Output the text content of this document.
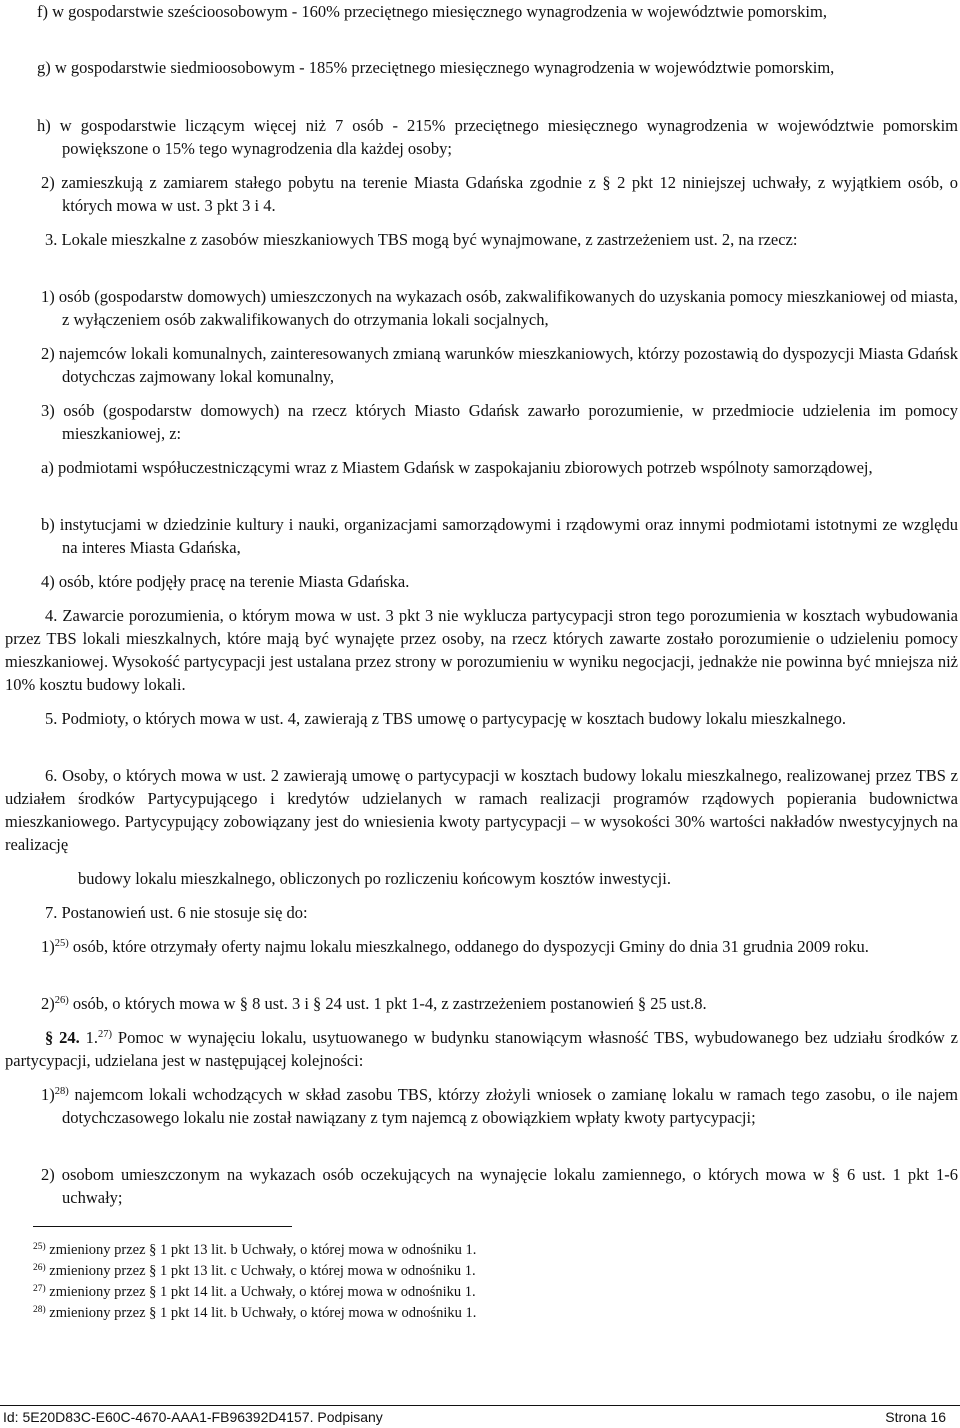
f) w gospodarstwie sześcioosobowym - 160% przeciętnego miesięcznego wynagrodzenia w województwie pomorskim,

g) w gospodarstwie siedmioosobowym - 185% przeciętnego miesięcznego wynagrodzenia w województwie pomorskim,

h) w gospodarstwie liczącym więcej niż 7 osób - 215% przeciętnego miesięcznego wynagrodzenia w województwie pomorskim powiększone o 15% tego wynagrodzenia dla każdej osoby;

2) zamieszkują z zamiarem stałego pobytu na terenie Miasta Gdańska zgodnie z § 2 pkt 12 niniejszej uchwały, z wyjątkiem osób, o których mowa w ust. 3 pkt 3 i 4.

3. Lokale mieszkalne z zasobów mieszkaniowych TBS mogą być wynajmowane, z zastrzeżeniem ust. 2, na rzecz:

1) osób (gospodarstw domowych) umieszczonych na wykazach osób, zakwalifikowanych do uzyskania pomocy mieszkaniowej od miasta, z wyłączeniem osób zakwalifikowanych do otrzymania lokali socjalnych,

2) najemców lokali komunalnych, zainteresowanych zmianą warunków mieszkaniowych, którzy pozostawią do dyspozycji Miasta Gdańsk dotychczas zajmowany lokal komunalny,

3) osób (gospodarstw domowych) na rzecz których Miasto Gdańsk zawarło porozumienie, w przedmiocie udzielenia im pomocy mieszkaniowej, z:

a) podmiotami współuczestniczącymi wraz z Miastem Gdańsk w zaspokajaniu zbiorowych potrzeb wspólnoty samorządowej,

b) instytucjami w dziedzinie kultury i nauki, organizacjami samorządowymi i rządowymi oraz innymi podmiotami istotnymi ze względu na interes Miasta Gdańska,

4) osób, które podjęły pracę na terenie Miasta Gdańska.

4. Zawarcie porozumienia, o którym mowa w ust. 3 pkt 3 nie wyklucza partycypacji stron tego porozumienia w kosztach wybudowania przez TBS lokali mieszkalnych, które mają być wynajęte przez osoby, na rzecz których zawarte zostało porozumienie o udzieleniu pomocy mieszkaniowej. Wysokość partycypacji jest ustalana przez strony w porozumieniu w wyniku negocjacji, jednakże nie powinna być mniejsza niż 10% kosztu budowy lokali.

5. Podmioty, o których mowa w ust. 4, zawierają z TBS umowę o partycypację w kosztach budowy lokalu mieszkalnego.

6. Osoby, o których mowa w ust. 2 zawierają umowę o partycypacji w kosztach budowy lokalu mieszkalnego, realizowanej przez TBS z udziałem środków Partycypującego i kredytów udzielanych w ramach realizacji programów rządowych popierania budownictwa mieszkaniowego. Partycypujący zobowiązany jest do wniesienia kwoty partycypacji – w wysokości 30% wartości nakładów nwestycyjnych na realizację

budowy lokalu mieszkalnego, obliczonych po rozliczeniu końcowym kosztów inwestycji.

7. Postanowień ust. 6 nie stosuje się do:

1)$^{25)}$ osób, które otrzymały oferty najmu lokalu mieszkalnego, oddanego do dyspozycji Gminy do dnia 31 grudnia 2009 roku.

2)$^{26)}$ osób, o których mowa w § 8 ust. 3 i § 24 ust. 1 pkt 1-4, z zastrzeżeniem postanowień § 25 ust.8.

§ 24. 1.$^{27)}$ Pomoc w wynajęciu lokalu, usytuowanego w budynku stanowiącym własność TBS, wybudowanego bez udziału środków z partycypacji, udzielana jest w następującej kolejności:

1)$^{28)}$ najemcom lokali wchodzących w skład zasobu TBS, którzy złożyli wniosek o zamianę lokalu w ramach tego zasobu, o ile najem dotychczasowego lokalu nie został nawiązany z tym najemcą z obowiązkiem wpłaty kwoty partycypacji;

2) osobom umieszczonym na wykazach osób oczekujących na wynajęcie lokalu zamiennego, o których mowa w § 6 ust. 1 pkt 1-6 uchwały;

$^{25)}$ zmieniony przez § 1 pkt 13 lit. b Uchwały, o której mowa w odnośniku 1.

$^{26)}$ zmieniony przez § 1 pkt 13 lit. c Uchwały, o której mowa w odnośniku 1.

$^{27)}$ zmieniony przez § 1 pkt 14 lit. a Uchwały, o której mowa w odnośniku 1.

$^{28)}$ zmieniony przez § 1 pkt 14 lit. b Uchwały, o której mowa w odnośniku 1.

Id: 5E20D83C-E60C-4670-AAA1-FB96392D4157. Podpisany	Strona 16
